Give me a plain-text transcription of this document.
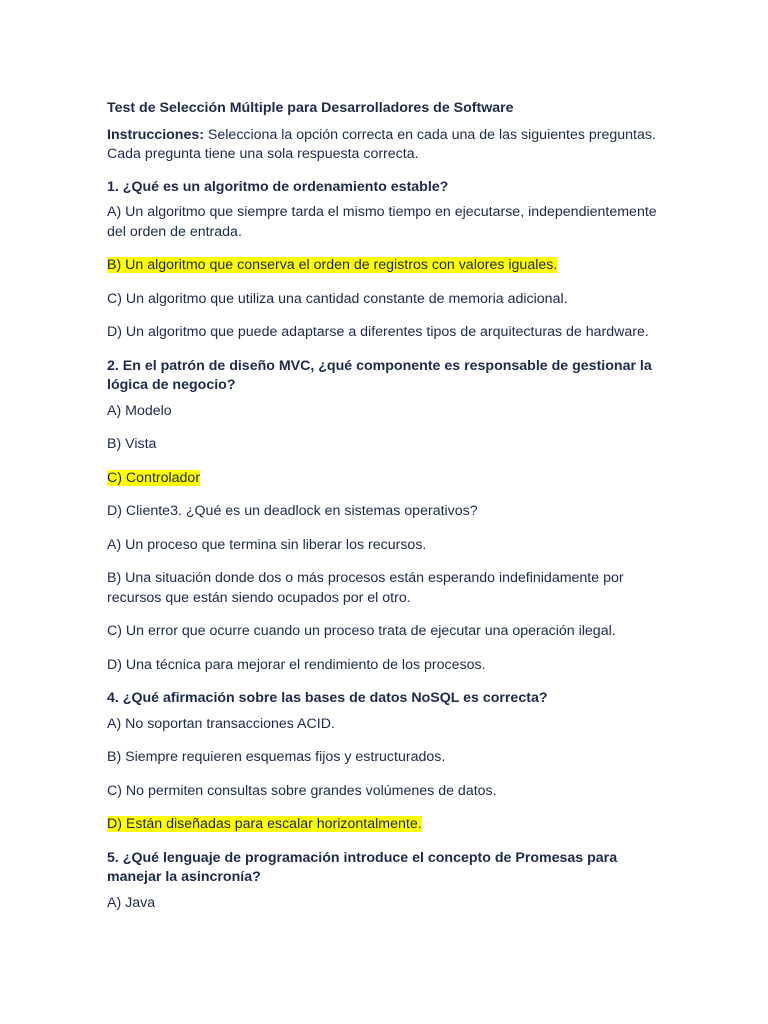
Test de Selección Múltiple para Desarrolladores de Software
Instrucciones: Selecciona la opción correcta en cada una de las siguientes preguntas. Cada pregunta tiene una sola respuesta correcta.
1. ¿Qué es un algoritmo de ordenamiento estable?
A) Un algoritmo que siempre tarda el mismo tiempo en ejecutarse, independientemente del orden de entrada.
B) Un algoritmo que conserva el orden de registros con valores iguales.
C) Un algoritmo que utiliza una cantidad constante de memoria adicional.
D) Un algoritmo que puede adaptarse a diferentes tipos de arquitecturas de hardware.
2. En el patrón de diseño MVC, ¿qué componente es responsable de gestionar la lógica de negocio?
A) Modelo
B) Vista
C) Controlador
D) Cliente3. ¿Qué es un deadlock en sistemas operativos?
A) Un proceso que termina sin liberar los recursos.
B) Una situación donde dos o más procesos están esperando indefinidamente por recursos que están siendo ocupados por el otro.
C) Un error que ocurre cuando un proceso trata de ejecutar una operación ilegal.
D) Una técnica para mejorar el rendimiento de los procesos.
4. ¿Qué afirmación sobre las bases de datos NoSQL es correcta?
A) No soportan transacciones ACID.
B) Siempre requieren esquemas fijos y estructurados.
C) No permiten consultas sobre grandes volúmenes de datos.
D) Están diseñadas para escalar horizontalmente.
5. ¿Qué lenguaje de programación introduce el concepto de Promesas para manejar la asincronía?
A) Java
